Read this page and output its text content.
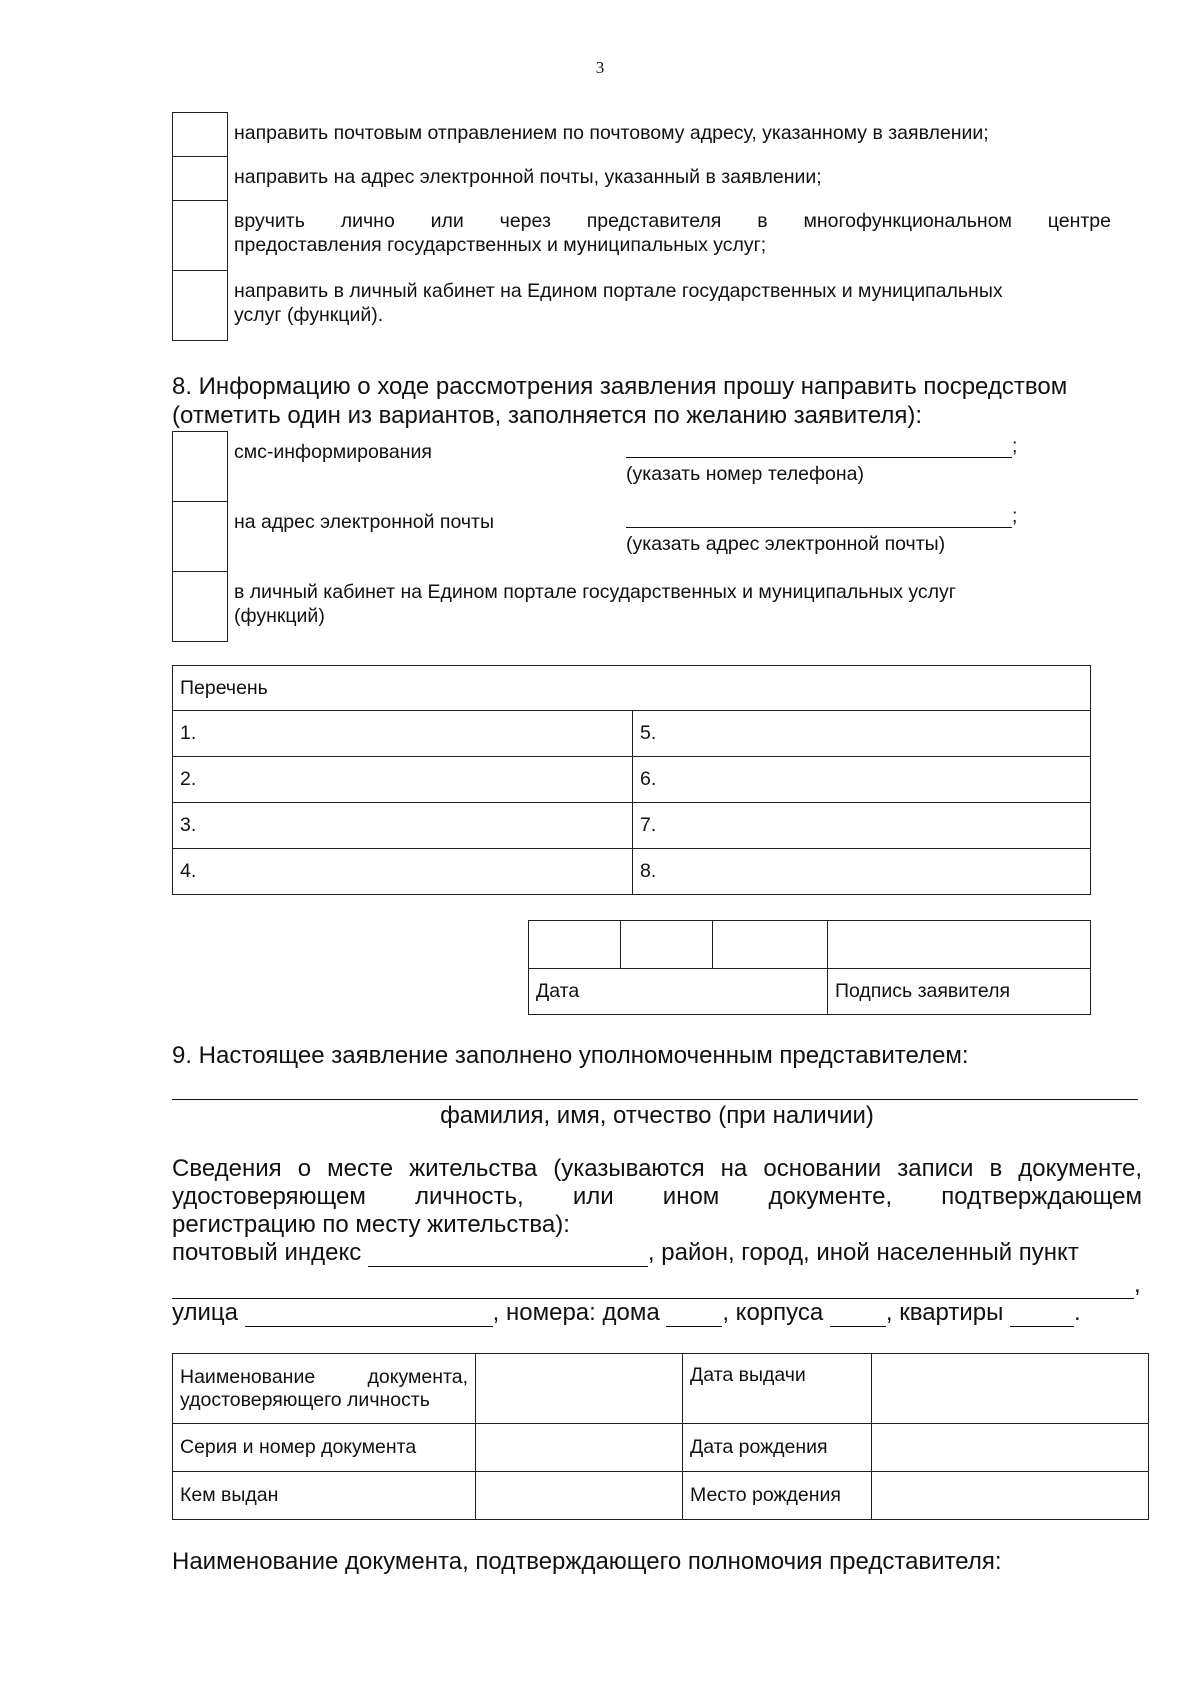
3
	направить почтовым отправлением по почтовому адресу, указанному в заявлении;
	направить на адрес электронной почты, указанный в заявлении;

	вручить лично или через представителя в многофункциональном центре
предоставления государственных и муниципальных услуг;

	направить в личный кабинет на Едином портале государственных и муниципальных
услуг (функций).
8. Информацию о ходе рассмотрения заявления прошу направить посредством
(отметить один из вариантов, заполняется по желанию заявителя):
	смс-информирования ;
(указать номер телефона)

	на адрес электронной почты ;
(указать адрес электронной почты)

	в личный кабинет на Едином портале государственных и муниципальных услуг
(функций)
Перечень	
1.	5.
2.	6.
3.	7.
4.	8.

Дата			Подпись заявителя
9. Настоящее заявление заполнено уполномоченным представителем:
фамилия, имя, отчество (при наличии)
Сведения о месте жительства (указываются на основании записи в документе,
удостоверяющем личность, или ином документе, подтверждающем
регистрацию по месту жительства):
почтовый индекс	, район, город, иной населенный пункт
,
улица	, номера: дома	, корпуса	, квартиры	.
Наименование документа,
удостоверяющего личность		Дата выдачи	
Серия и номер документа		Дата рождения	
Кем выдан		Место рождения	
Наименование документа, подтверждающего полномочия представителя:
